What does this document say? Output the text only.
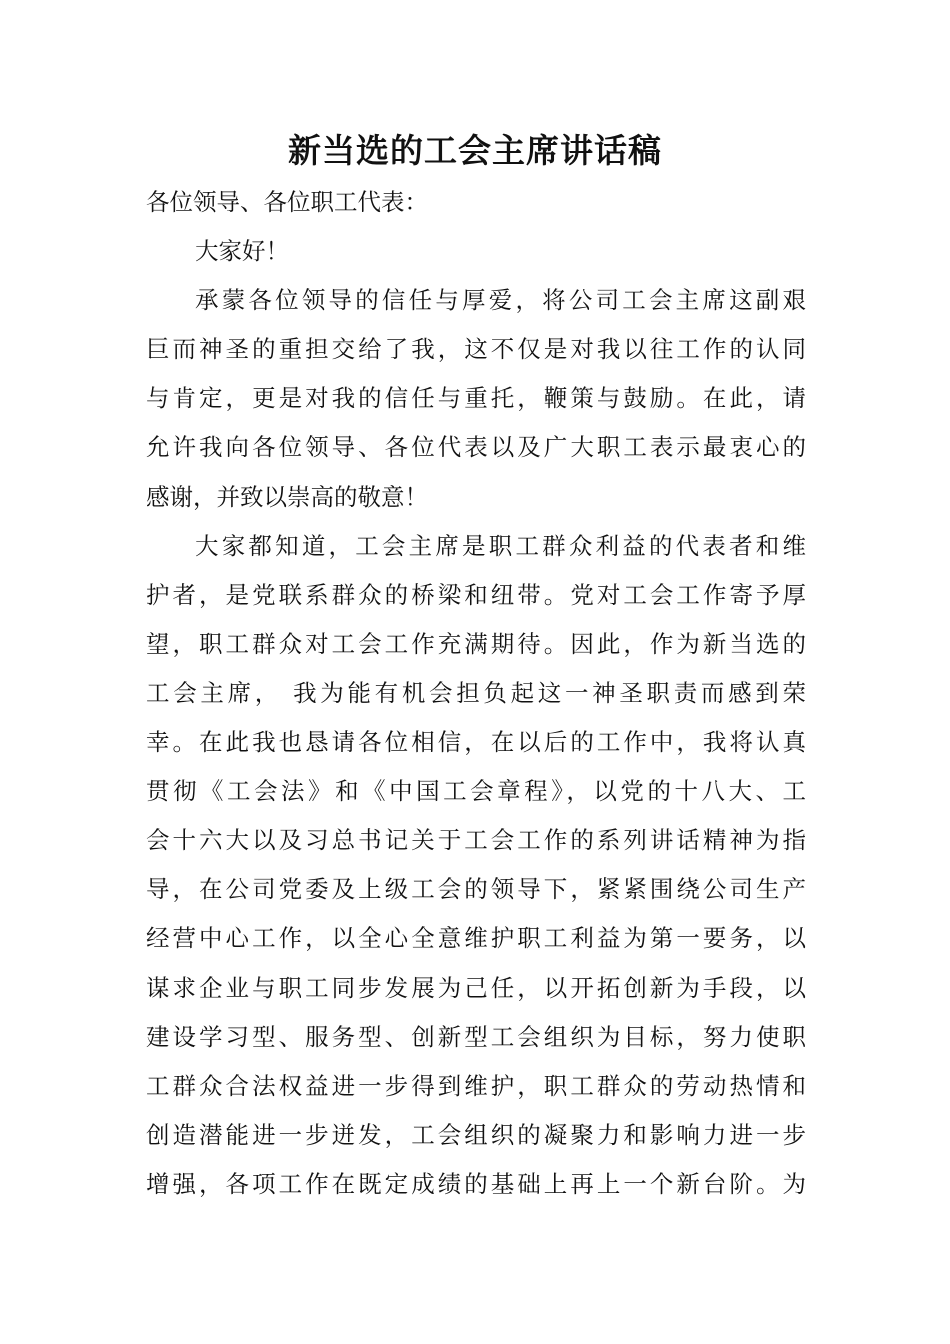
新当选的工会主席讲话稿
各位领导、各位职工代表：
大家好！
承蒙各位领导的信任与厚爱，将公司工会主席这副艰
巨而神圣的重担交给了我，这不仅是对我以往工作的认同
与肯定，更是对我的信任与重托，鞭策与鼓励。在此，请
允许我向各位领导、各位代表以及广大职工表示最衷心的
感谢，并致以崇高的敬意！
大家都知道，工会主席是职工群众利益的代表者和维
护者，是党联系群众的桥梁和纽带。党对工会工作寄予厚
望，职工群众对工会工作充满期待。因此，作为新当选的
工会主席， 我为能有机会担负起这一神圣职责而感到荣
幸。在此我也恳请各位相信，在以后的工作中，我将认真
贯彻《工会法》和《中国工会章程》，以党的十八大、工
会十六大以及习总书记关于工会工作的系列讲话精神为指
导，在公司党委及上级工会的领导下，紧紧围绕公司生产
经营中心工作，以全心全意维护职工利益为第一要务，以
谋求企业与职工同步发展为己任，以开拓创新为手段，以
建设学习型、服务型、创新型工会组织为目标，努力使职
工群众合法权益进一步得到维护，职工群众的劳动热情和
创造潜能进一步迸发，工会组织的凝聚力和影响力进一步
增强，各项工作在既定成绩的基础上再上一个新台阶。为
